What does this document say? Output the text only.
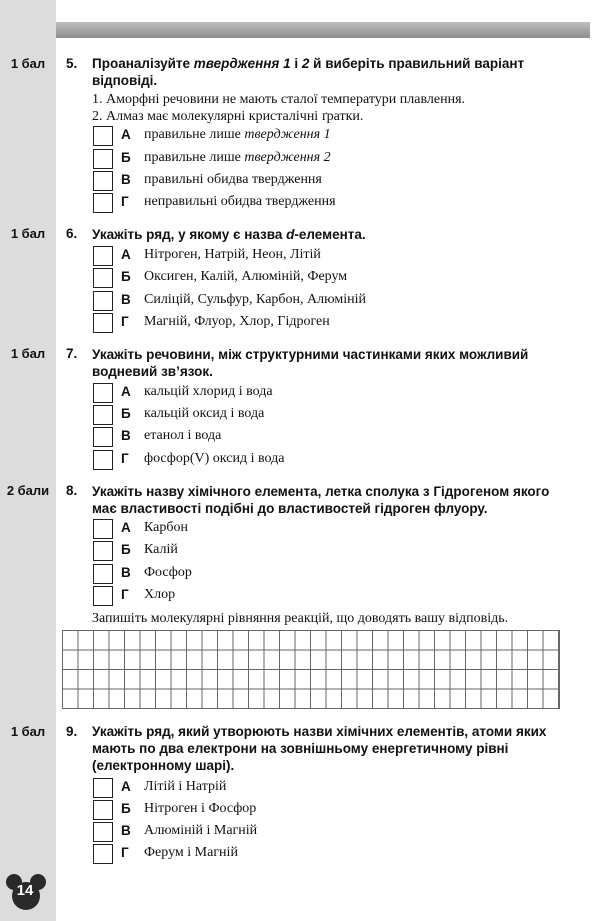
1 бал	5. Проаналізуйте твердження 1 і 2 й виберіть правильний варіант відповіді.
1. Аморфні речовини не мають сталої температури плавлення.
2. Алмаз має молекулярні кристалічні ґратки.
А правильне лише твердження 1
Б правильне лише твердження 2
В правильні обидва твердження
Г неправильні обидва твердження
1 бал	6. Укажіть ряд, у якому є назва d-елемента.
А Нітроген, Натрій, Неон, Літій
Б Оксиген, Калій, Алюміній, Ферум
В Силіцій, Сульфур, Карбон, Алюміній
Г Магній, Флуор, Хлор, Гідроген
1 бал	7. Укажіть речовини, між структурними частинками яких можливий водневий зв’язок.
А кальцій хлорид і вода
Б кальцій оксид і вода
В етанол і вода
Г фосфор(V) оксид і вода
2 бали	8. Укажіть назву хімічного елемента, летка сполука з Гідрогеном якого має властивості подібні до властивостей гідроген флуору.
А Карбон
Б Калій
В Фосфор
Г Хлор
Запишіть молекулярні рівняння реакцій, що доводять вашу відповідь.
1 бал	9. Укажіть ряд, який утворюють назви хімічних елементів, атоми яких мають по два електрони на зовнішньому енергетичному рівні (електронному шарі).
А Літій і Натрій
Б Нітроген і Фосфор
В Алюміній і Магній
Г Ферум і Магній
14
